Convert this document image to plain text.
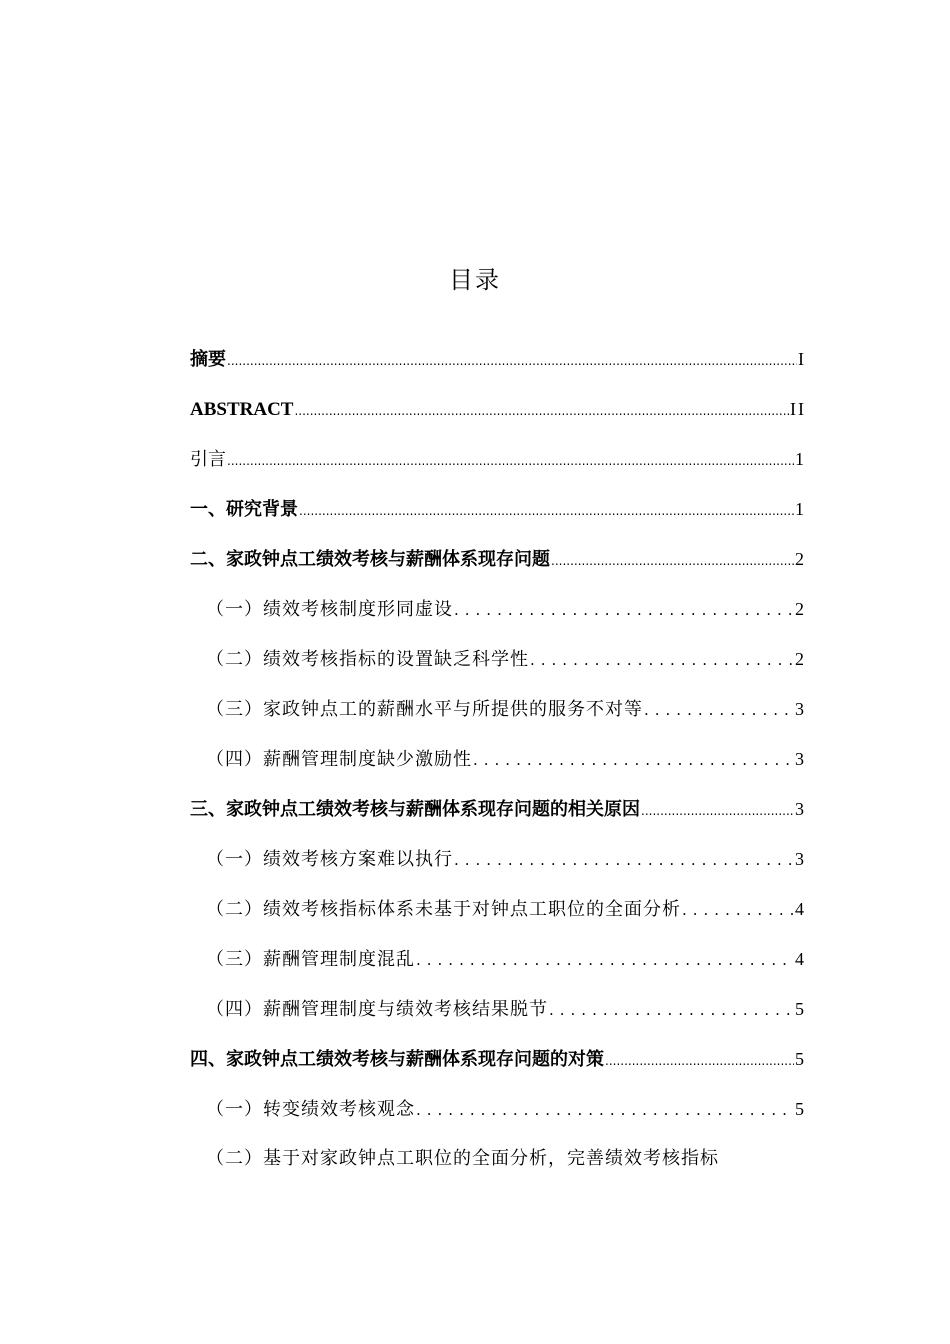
目录
摘要 .....	I
ABSTRACT .....	II
引言 .....	1
一、研究背景 .....	1
二、家政钟点工绩效考核与薪酬体系现存问题 .....	2
（一）绩效考核制度形同虚设 .....	2
（二）绩效考核指标的设置缺乏科学性 .....	2
（三）家政钟点工的薪酬水平与所提供的服务不对等 .....	3
（四）薪酬管理制度缺少激励性 .....	3
三、家政钟点工绩效考核与薪酬体系现存问题的相关原因 .....	3
（一）绩效考核方案难以执行 .....	3
（二）绩效考核指标体系未基于对钟点工职位的全面分析 .....	4
（三）薪酬管理制度混乱 .....	4
（四）薪酬管理制度与绩效考核结果脱节 .....	5
四、家政钟点工绩效考核与薪酬体系现存问题的对策 .....	5
（一）转变绩效考核观念 .....	5
（二）基于对家政钟点工职位的全面分析，完善绩效考核指标
